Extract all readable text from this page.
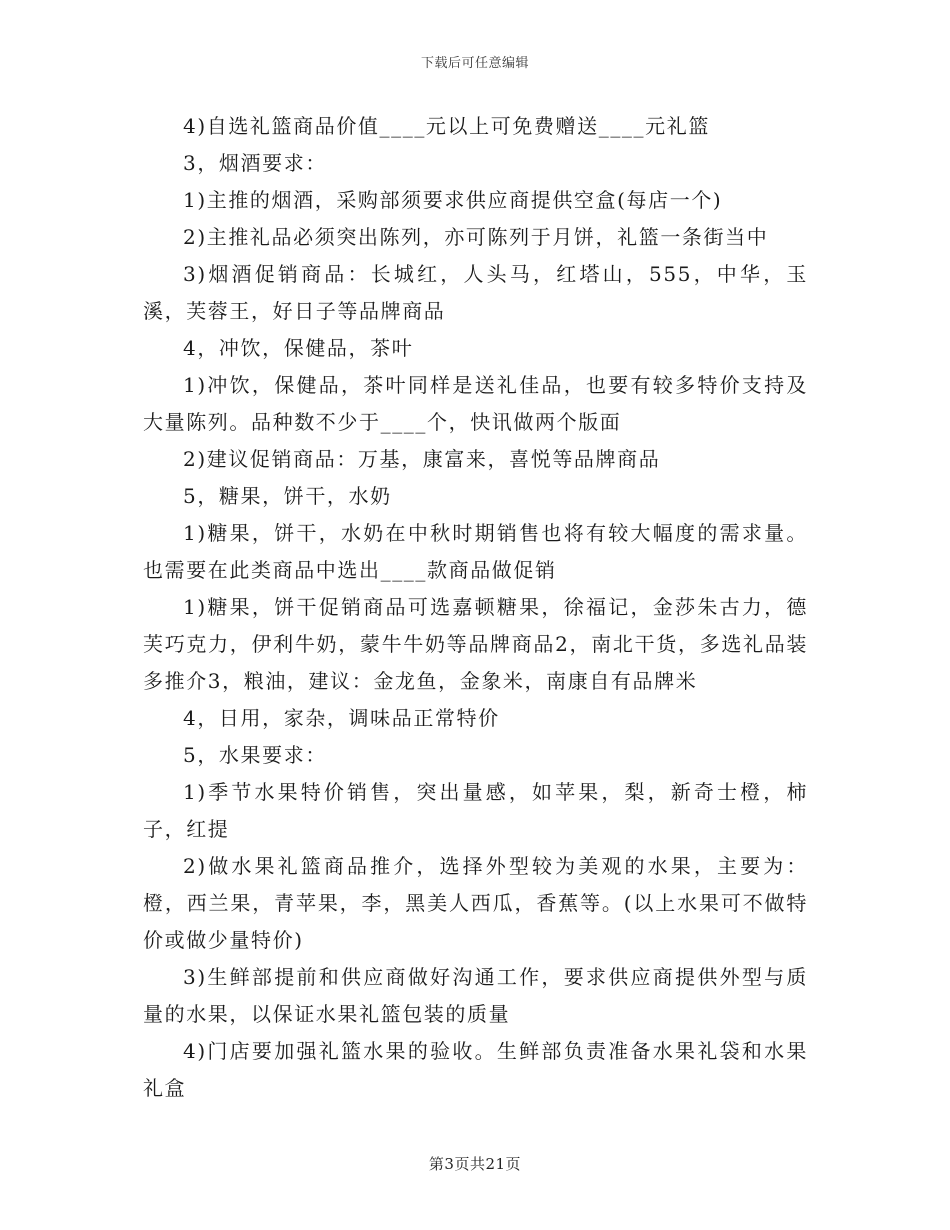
下载后可任意编辑

4)自选礼篮商品价值____元以上可免费赠送____元礼篮

3，烟酒要求：

1)主推的烟酒，采购部须要求供应商提供空盒(每店一个)

2)主推礼品必须突出陈列，亦可陈列于月饼，礼篮一条街当中

3)烟酒促销商品：长城红，人头马，红塔山，555，中华，玉溪，芙蓉王，好日子等品牌商品

4，冲饮，保健品，茶叶

1)冲饮，保健品，茶叶同样是送礼佳品，也要有较多特价支持及大量陈列。品种数不少于____个，快讯做两个版面

2)建议促销商品：万基，康富来，喜悦等品牌商品

5，糖果，饼干，水奶

1)糖果，饼干，水奶在中秋时期销售也将有较大幅度的需求量。也需要在此类商品中选出____款商品做促销

1)糖果，饼干促销商品可选嘉顿糖果，徐福记，金莎朱古力，德芙巧克力，伊利牛奶，蒙牛牛奶等品牌商品2，南北干货，多选礼品装多推介3，粮油，建议：金龙鱼，金象米，南康自有品牌米

4，日用，家杂，调味品正常特价

5，水果要求：

1)季节水果特价销售，突出量感，如苹果，梨，新奇士橙，柿子，红提

2)做水果礼篮商品推介，选择外型较为美观的水果，主要为：橙，西兰果，青苹果，李，黑美人西瓜，香蕉等。(以上水果可不做特价或做少量特价)

3)生鲜部提前和供应商做好沟通工作，要求供应商提供外型与质量的水果，以保证水果礼篮包装的质量

4)门店要加强礼篮水果的验收。生鲜部负责准备水果礼袋和水果礼盒

第3页共21页
